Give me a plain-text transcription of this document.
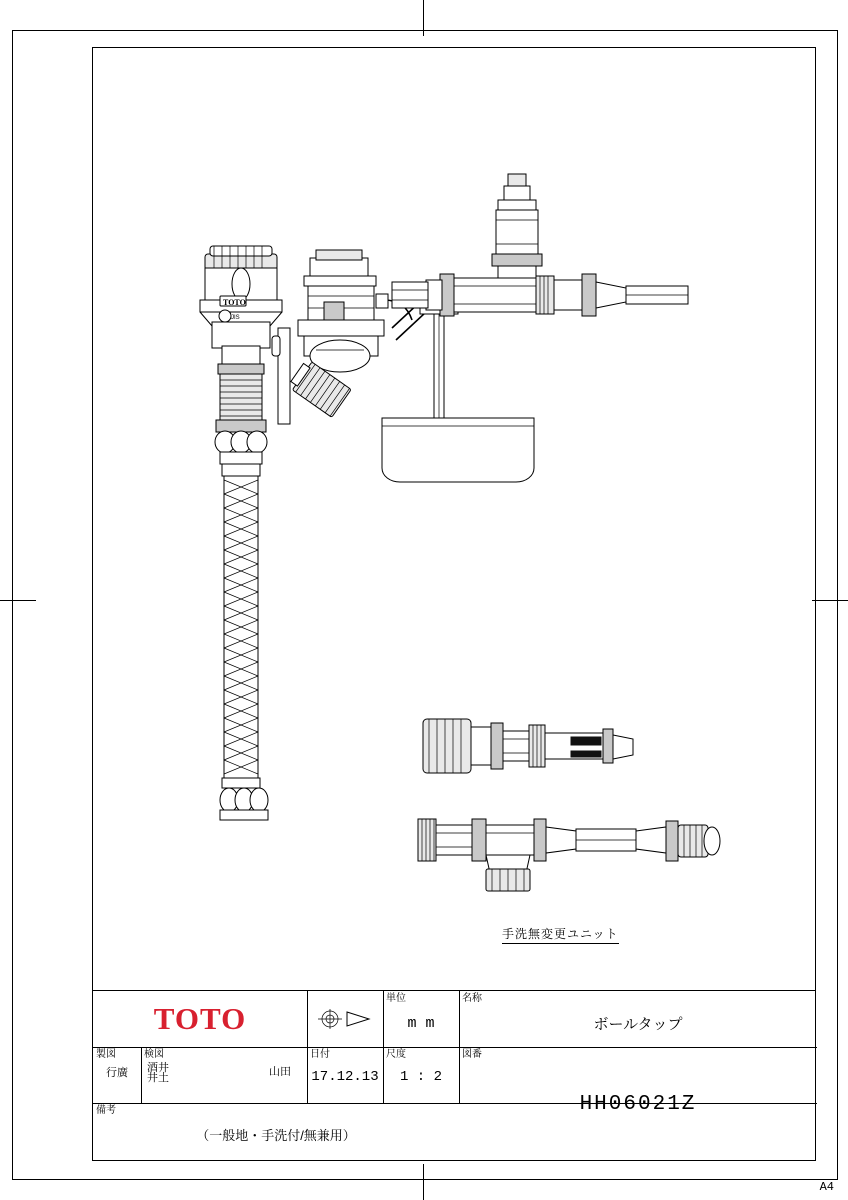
TOTO
JIS
手洗無変更ユニット
TOTO
単位
m m
名称
ボールタップ
製図
行廣
検図
酒井
井土	山田
日付
17.12.13
尺度
1 : 2
図番
HH06021Z
備考
（一般地・手洗付/無兼用）
A4
